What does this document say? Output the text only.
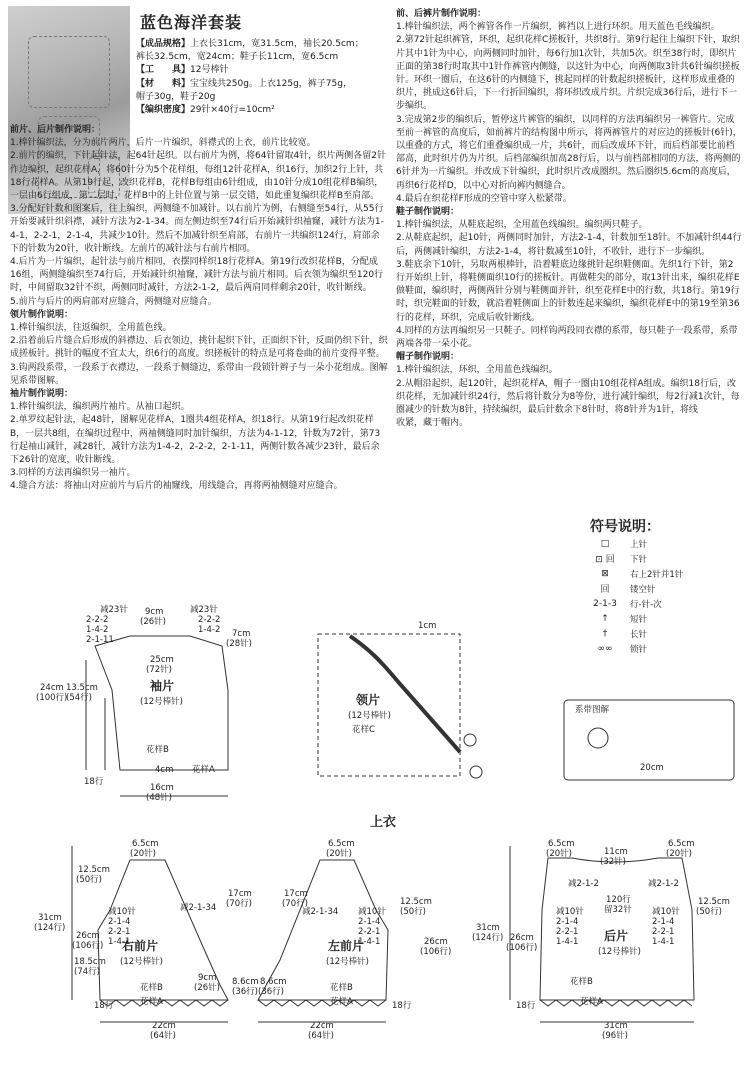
蓝色海洋套装
【成品规格】上衣长31cm，宽31.5cm，袖长20.5cm；
裤长32.5cm，宽24cm；鞋子长11cm，宽6.5cm
【工　　具】12号棒针
【材　　料】宝宝线共250g。上衣125g，裤子75g，
帽子30g，鞋子20g
【编织密度】29针×40行=10cm²

前片、后片制作说明：

1.棒针编织法，分为前片两片，后片一片编织，斜襟式的上衣，前片比较宽。

2.前片的编织，下针起针法，起64针起织。以右前片为例，将64针留取4针，织片两侧各留2针作边编织，起织花样A，将60针分为5个花样组，每组12针花样A，织16行，加织2行上针，共18行花样A。从第19行起，改织花样B，花样B每组由6针组成，由10针分成10组花样B编织，一层由6行组成，第二层时，花样B中的上针位置与第一层交错，如此重复编织花样B至肩部。

3.分配好针数和图案后，往上编织，两侧缝不加减针。以右前片为例，右侧缝至54行，从55行开始要减针织斜襟，减针方法为2-1-34。而左侧边织至74行后开始减针织袖窿，减针方法为1-4-1，2-2-1，2-1-4，共减少10针。然后不加减针织至肩部，右前片一共编织124行，肩部余下的针数为20针，收针断线。左前片的减针法与右前片相同。

4.后片为一片编织，起针法与前片相同，衣摆同样织18行花样A。第19行改织花样B，分配成16组，两侧缝编织至74行后，开始减针织袖窿，减针方法与前片相同。后衣领为编织至120行时，中间留取32针不织，两侧同时减针，方法2-1-2，最后两肩同样剩余20针，收针断线。

5.前片与后片的两肩部对应缝合，两侧缝对应缝合。

领片制作说明：

1.棒针编织法，往返编织，全用蓝色线。

2.沿着前后片缝合后形成的斜襟边、后衣领边，挑针起织下针，正面织下针，反面仍织下针，织成搓板针。挑针的幅度不宜太大，织6行的高度。织搓板针的特点是可将卷曲的前片变得平整。

3.钩两段系带，一段系于衣襟边，一段系于侧缝边，系带由一段锁针辫子与一朵小花组成。图解见系带图解。

袖片制作说明：

1.棒针编织法，编织两片袖片。从袖口起织。

2.单罗纹起针法，起48针，图解见花样A，1圈共4组花样A，织18行。从第19行起改织花样B，一层共8组，在编织过程中，两袖侧缝同时加针编织，方法为4-1-12，针数为72针，第73行起袖山减针，减28针，减针方法为1-4-2，2-2-2，2-1-11，两侧针数各减少23针，最后余下26针的宽度，收针断线。

3.同样的方法再编织另一袖片。

4.缝合方法：将袖山对应前片与后片的袖窿线，用线缝合，再将两袖侧缝对应缝合。

前、后裤片制作说明：

1.棒针编织法，两个裤管各作一片编织，裤裆以上进行环织。用天蓝色毛线编织。

2.第72针起织裤管，环织，起织花样C搓板针，共织8行。第9行起往上编织下针，取织片其中1针为中心，向两侧同时加针，每6行加1次针，共加5次。织至38行时，即织片正面的第38行时取其中1针作裤管内侧缝，以这针为中心，向两侧取3针共6针编织搓板针。环织一圈后，在这6针的内侧缝下，挑起同样的针数起织搓板针，这样形成重叠的织片，挑成这6针后，下一行折回编织，将环织改成片织。片织完成36行后，进行下一步编织。

3.完成第2步的编织后，暂停这片裤管的编织，以同样的方法再编织另一裤管片。完成至前一裤管的高度后，如前裤片的结构图中所示，将两裤管片的对应边的搓板针(6针)，以重叠的方式，将它们重叠编织成一片，共6针，而后改成环下针，而后档部要比前档部高，此时织片仍为片织。后档部编织加高28行后，以与前档部相同的方法，将两侧的6针并为一片编织。并改成下针编织，此时织片改成圈织。然后圈织5.6cm的高度后，再织6行花样D，以中心对折向裤内侧缝合。

4.最后在织花样F形成的空管中穿入松紧带。

鞋子制作说明：

1.棒针编织法，从鞋底起织，全用蓝色线编织。编织两只鞋子。

2.从鞋底起织，起10针，两侧同时加针，方法2-1-4，针数加至18针。不加减针织44行后，两侧减针编织，方法2-1-4，将针数减至10针，不收针，进行下一步编织。

3.鞋底余下10针，另取两根棒针，沿着鞋底边缘挑针起织鞋侧面。先织1行下针，第2行开始织上针，将鞋侧面织10行的搓板针。再做鞋尖的部分，取13针出来，编织花样E做鞋面，编织时，两侧两针分别与鞋侧面并针，织至花样E中的行数，共18行。第19行时，织完鞋面的针数，就沿着鞋侧面上的针数连起来编织，编织花样E中的第19至第36行的花样，环织，完成后收针断线。

4.同样的方法再编织另一只鞋子。同样钩两段同衣襟的系带，每只鞋子一段系带，系带两端各带一朵小花。

帽子制作说明：

1.棒针编织法，环织，全用蓝色线编织。

2.从帽沿起织，起120针，起织花样A，帽子一圈由10组花样A组成。编织18行后，改织花样，无加减针织24行，然后将针数分为8等份，进行减针编织，每2行减1次针，每圈减少的针数为8针，持续编织，最后针数余下8针时，将8针并为1针，将线

收紧，藏于帽内。

符号说明：
□	上针
⊡ 回	下针
⊠	右上2针并1针
回	镂空针
2-1-3	行-针-次
↑	短针
†	长针
∞∞	锁针
袖片
(12号棒针)
花样B
花样A
减23针	减23针
9cm
(26针)
2-2-2
1-4-2
2-1-11
2-2-2
1-4-2 7cm
(28针)
25cm
(72针)
24cm
(100行)
13.5cm
(54行)
18行
16cm
(48针)
4cm
领片
(12号棒针)
花样C
1cm
系带图解
20cm
上衣
右前片
(12号棒针)
花样B
花样A
6.5cm
(20针)
12.5cm
(50行)
减10针
2-1-4
2-2-1
1-4-1
减2-1-34
17cm
(70行)
31cm
(124行)
26cm
(106行)
18.5cm
(74行)
9cm
(26针)
8.6cm
(36行)
18行
22cm
(64针)
左前片
(12号棒针)
花样B
花样A
6.5cm
(20针)
12.5cm
(50行)
减10针
2-1-4
2-2-1
1-4-1
减2-1-34
17cm
(70行)
26cm
(106行)
8.6cm
(36行)
18行
22cm
(64针)
后片
(12号棒针)
花样B
花样A
6.5cm
(20针)
6.5cm
(20针)
11cm
(32针)
减2-1-2	减2-1-2
120行
留32针
减10针	减10针
2-1-4
2-2-1
1-4-1
2-1-4
2-2-1
1-4-1
31cm
(124行) 26cm
(106行)
12.5cm
(50行)
18行
31cm
(96针)
